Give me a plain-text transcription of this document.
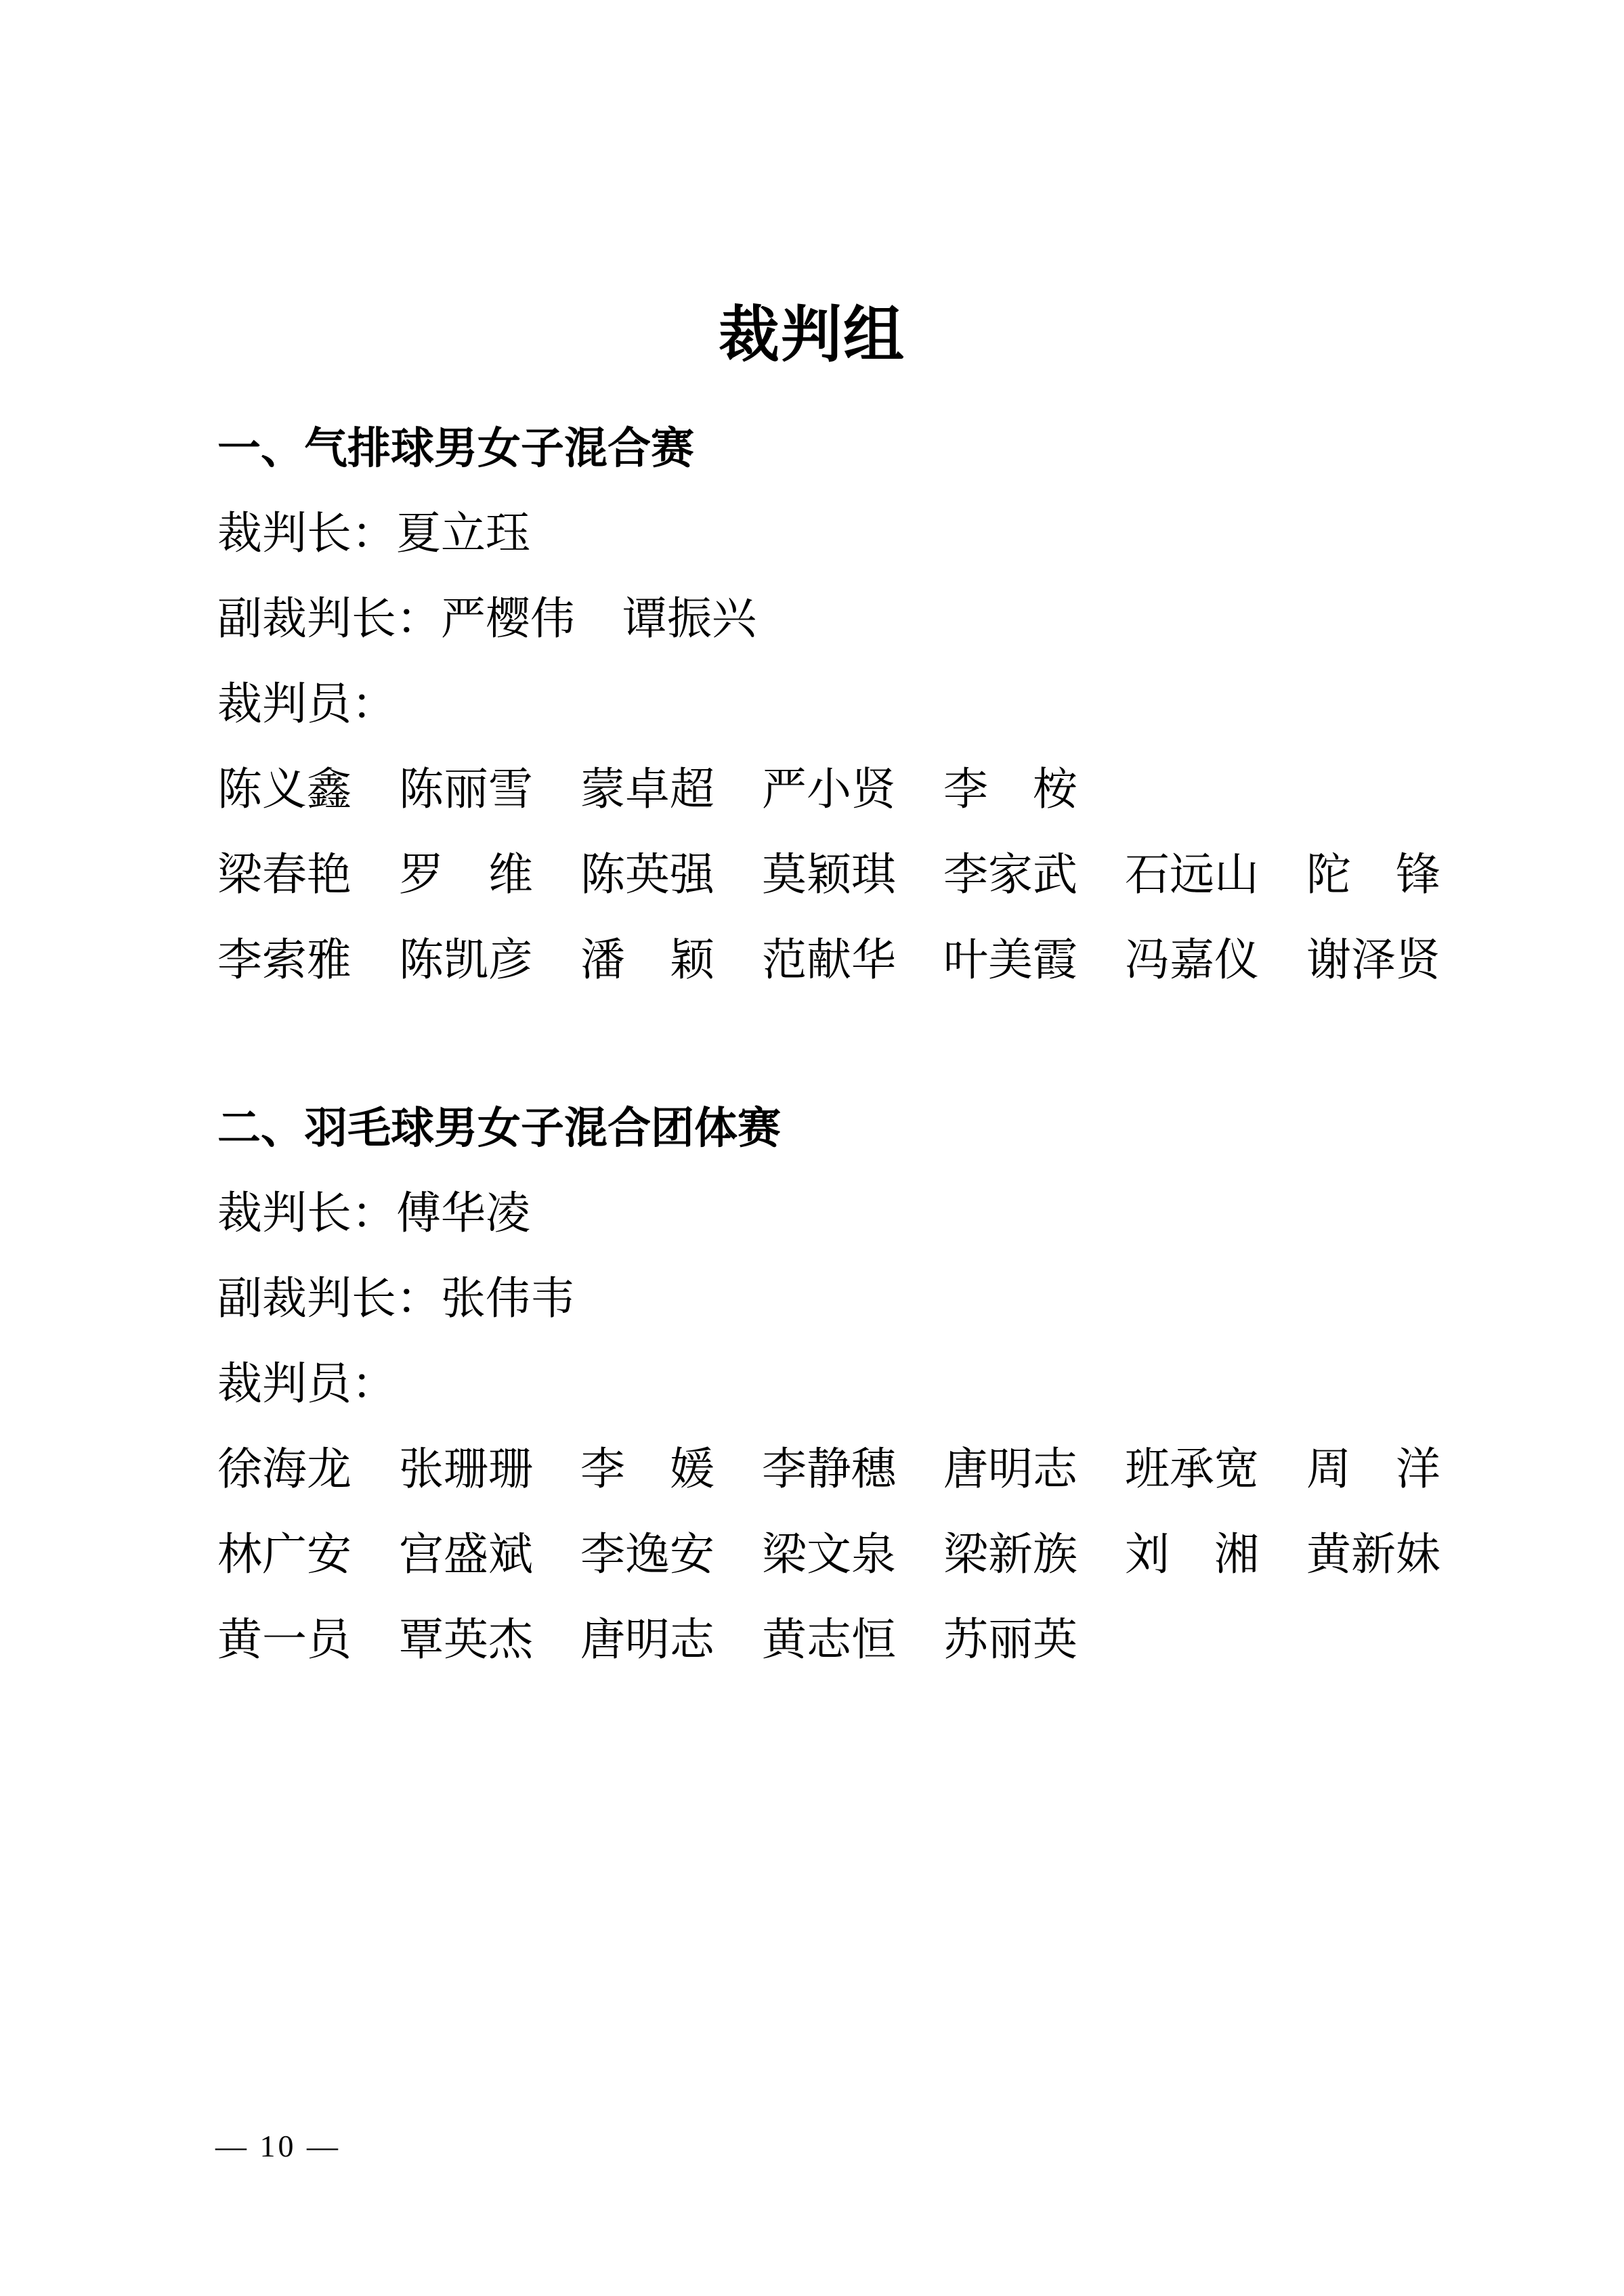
裁判组
一、气排球男女子混合赛
裁判长：夏立珏
副裁判长：严樱伟 谭振兴
裁判员：
陈义鑫 陈丽雪 蒙卓超 严小贤 李　桉
梁春艳 罗　维 陈英强 莫颖琪 李家武 石远山 陀　锋
李索雅 陈凯彦 潘　颖 范献华 叶美霞 冯嘉仪 谢泽贤
二、羽毛球男女子混合团体赛
裁判长：傅华凌
副裁判长：张伟韦
裁判员：
徐海龙 张珊珊 李　媛 李静穗 唐明志 班承宽 周　洋
林广安 宫盛斌 李逸安 梁文泉 梁新族 刘　湘 黄新妹
黄一员 覃英杰 唐明志 黄志恒 苏丽英
— 10 —
